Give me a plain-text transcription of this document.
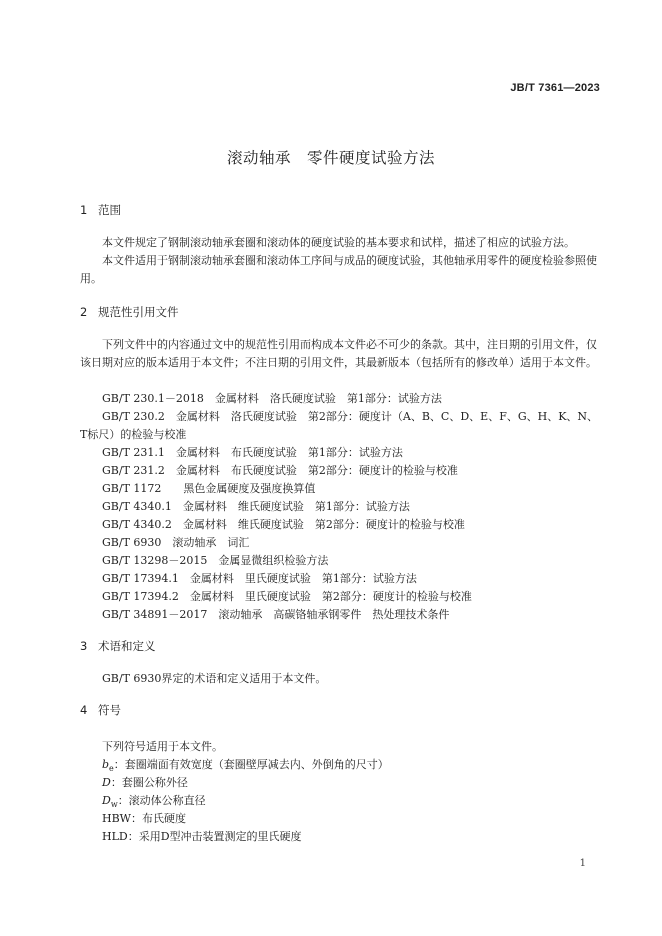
JB/T 7361—2023
滚动轴承　零件硬度试验方法
1 范围

本文件规定了钢制滚动轴承套圈和滚动体的硬度试验的基本要求和试样，描述了相应的试验方法。

本文件适用于钢制滚动轴承套圈和滚动体工序间与成品的硬度试验，其他轴承用零件的硬度检验参照使用。

2 规范性引用文件

下列文件中的内容通过文中的规范性引用而构成本文件必不可少的条款。其中，注日期的引用文件，仅该日期对应的版本适用于本文件；不注日期的引用文件，其最新版本（包括所有的修改单）适用于本文件。

GB/T 230.1－2018　金属材料　洛氏硬度试验　第1部分：试验方法
GB/T 230.2　金属材料　洛氏硬度试验　第2部分：硬度计（A、B、C、D、E、F、G、H、K、N、
T标尺）的检验与校准
GB/T 231.1　金属材料　布氏硬度试验　第1部分：试验方法
GB/T 231.2　金属材料　布氏硬度试验　第2部分：硬度计的检验与校准
GB/T 1172　　黑色金属硬度及强度换算值
GB/T 4340.1　金属材料　维氏硬度试验　第1部分：试验方法
GB/T 4340.2　金属材料　维氏硬度试验　第2部分：硬度计的检验与校准
GB/T 6930　滚动轴承　词汇
GB/T 13298－2015　金属显微组织检验方法
GB/T 17394.1　金属材料　里氏硬度试验　第1部分：试验方法
GB/T 17394.2　金属材料　里氏硬度试验　第2部分：硬度计的检验与校准
GB/T 34891－2017　滚动轴承　高碳铬轴承钢零件　热处理技术条件
3 术语和定义
GB/T 6930界定的术语和定义适用于本文件。
4 符号
下列符号适用于本文件。
$b_e$：套圈端面有效宽度（套圈壁厚减去内、外倒角的尺寸）
D：套圈公称外径
$D_w$：滚动体公称直径
HBW：布氏硬度
HLD：采用D型冲击装置测定的里氏硬度
1
